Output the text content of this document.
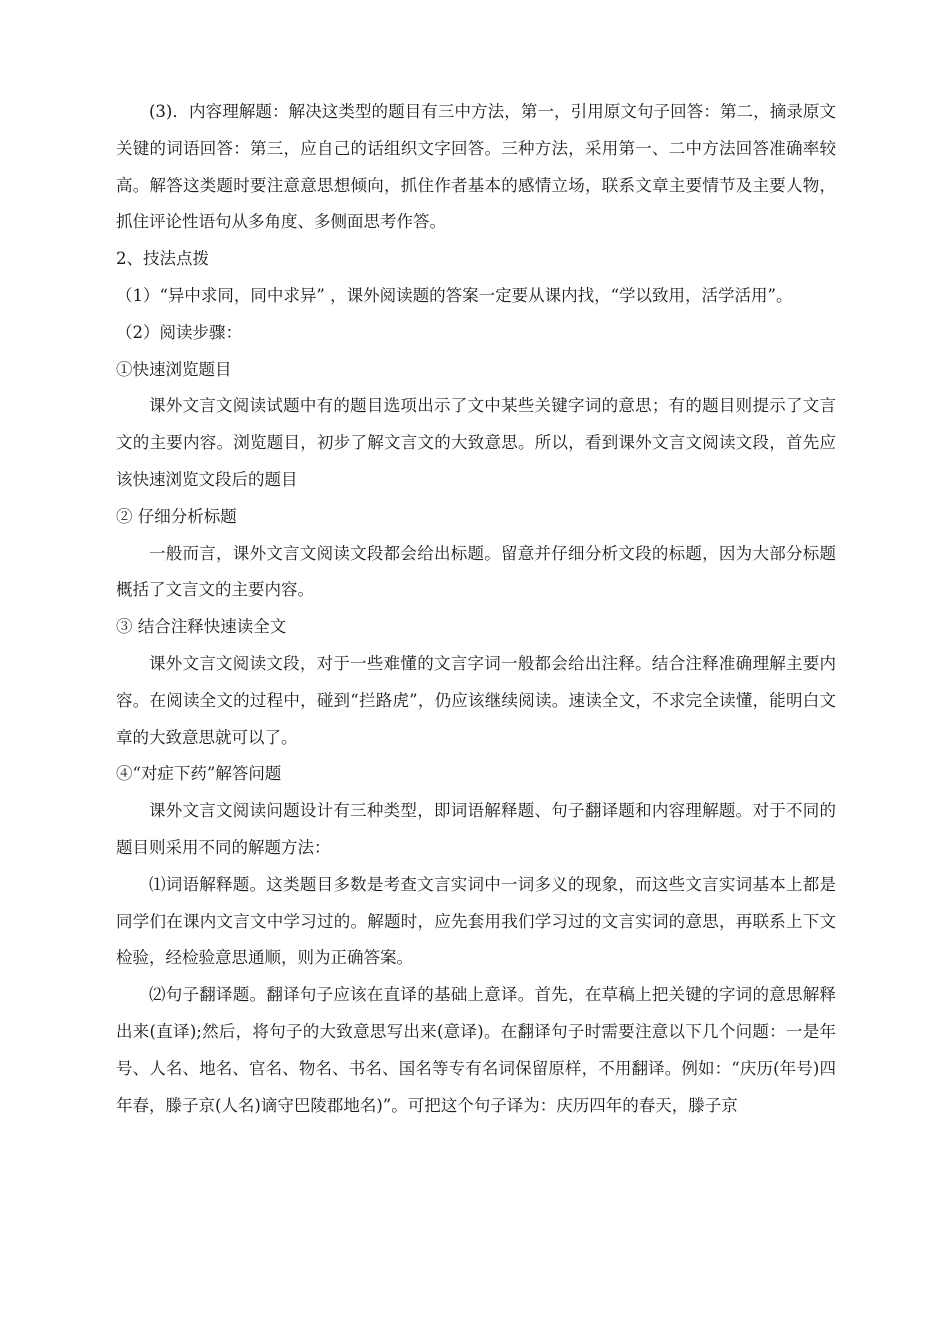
(3)．内容理解题：解决这类型的题目有三中方法，第一，引用原文句子回答：第二，摘录原文关键的词语回答：第三，应自己的话组织文字回答。三种方法，采用第一、二中方法回答准确率较高。解答这类题时要注意意思想倾向，抓住作者基本的感情立场，联系文章主要情节及主要人物，抓住评论性语句从多角度、多侧面思考作答。

2、技法点拨

（1）“异中求同，同中求异” ，课外阅读题的答案一定要从课内找，“学以致用，活学活用”。

（2）阅读步骤：

①快速浏览题目

课外文言文阅读试题中有的题目选项出示了文中某些关键字词的意思；有的题目则提示了文言文的主要内容。浏览题目，初步了解文言文的大致意思。所以，看到课外文言文阅读文段，首先应该快速浏览文段后的题目

② 仔细分析标题

一般而言，课外文言文阅读文段都会给出标题。留意并仔细分析文段的标题，因为大部分标题概括了文言文的主要内容。

③ 结合注释快速读全文

课外文言文阅读文段，对于一些难懂的文言字词一般都会给出注释。结合注释准确理解主要内容。在阅读全文的过程中，碰到“拦路虎”，仍应该继续阅读。速读全文，不求完全读懂，能明白文章的大致意思就可以了。

④“对症下药”解答问题

课外文言文阅读问题设计有三种类型，即词语解释题、句子翻译题和内容理解题。对于不同的题目则采用不同的解题方法：

⑴词语解释题。这类题目多数是考查文言实词中一词多义的现象，而这些文言实词基本上都是同学们在课内文言文中学习过的。解题时，应先套用我们学习过的文言实词的意思，再联系上下文检验，经检验意思通顺，则为正确答案。

⑵句子翻译题。翻译句子应该在直译的基础上意译。首先，在草稿上把关键的字词的意思解释出来(直译);然后，将句子的大致意思写出来(意译)。在翻译句子时需要注意以下几个问题：一是年号、人名、地名、官名、物名、书名、国名等专有名词保留原样，不用翻译。例如：“庆历(年号)四年春，滕子京(人名)谪守巴陵郡地名)”。可把这个句子译为：庆历四年的春天，滕子京
